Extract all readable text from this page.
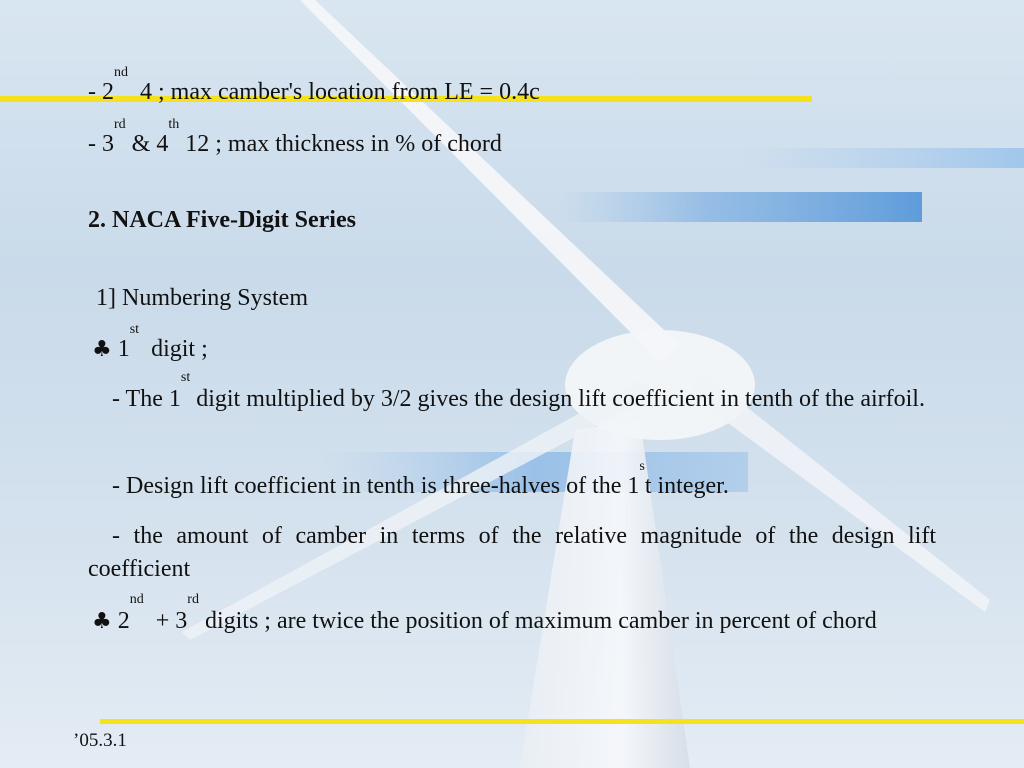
- 2nd  4 ; max camber's location from LE = 0.4c
- 3rd & 4th 12 ; max thickness in % of chord
2. NACA Five-Digit Series
1] Numbering System
♣ 1st  digit ;
- The 1st digit multiplied by 3/2 gives the design lift coefficient in tenth of the airfoil.
- Design lift coefficient in tenth is three-halves of the 1$^s$t integer.
- the amount of camber in terms of the relative magnitude of the design lift coefficient
♣ 2nd  + 3rd digits ; are twice the position of maximum camber in percent of chord
’05.3.1
